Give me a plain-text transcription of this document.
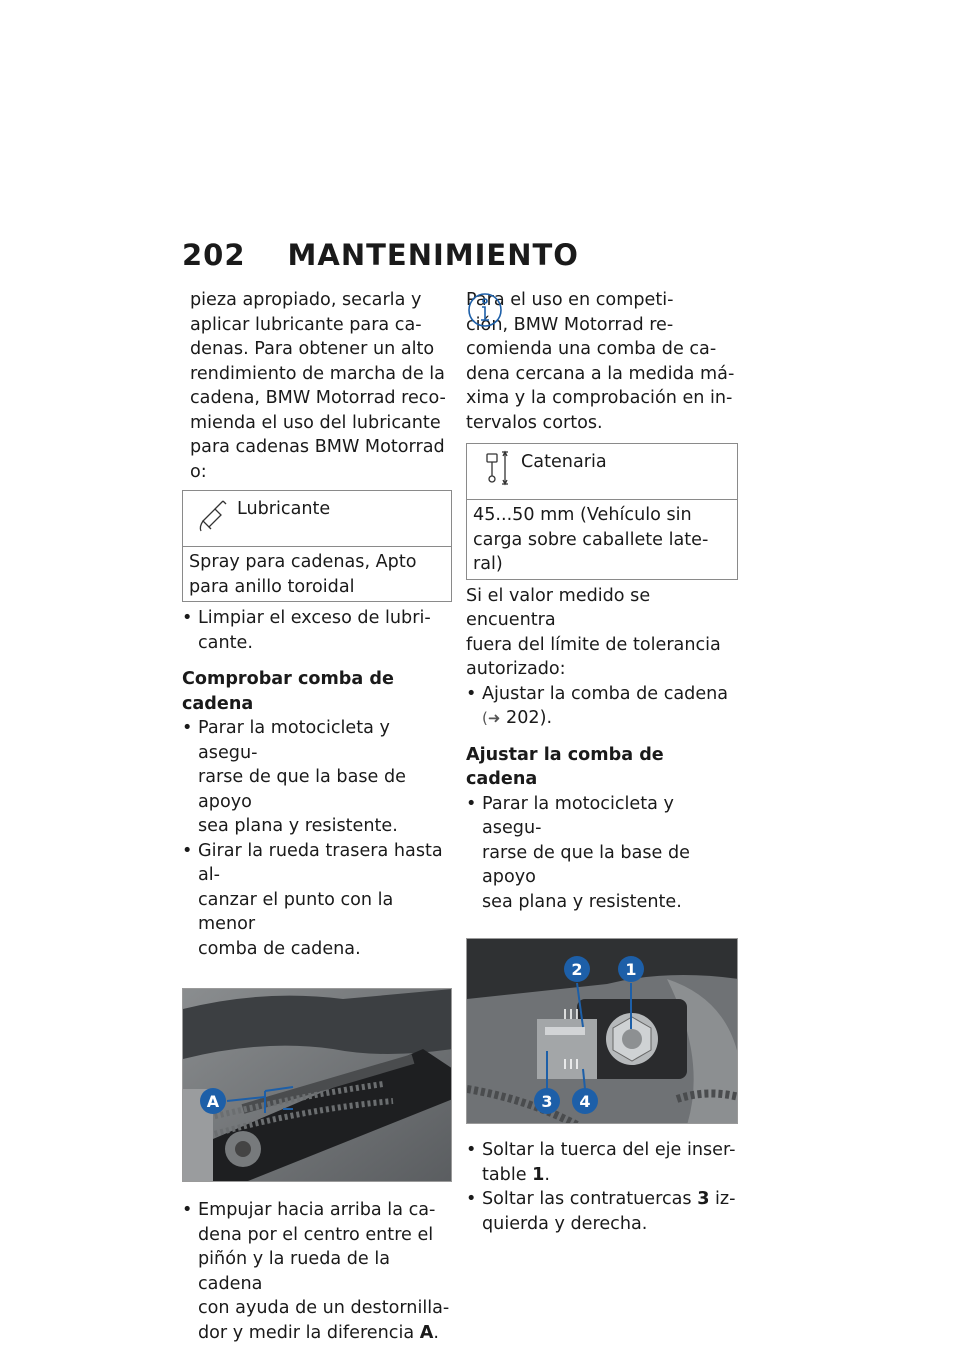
202 MANTENIMIENTO
pieza apropiado, secarla y
aplicar lubricante para ca-
denas. Para obtener un alto
rendimiento de marcha de la
cadena, BMW Motorrad reco-
mienda el uso del lubricante
para cadenas BMW Motorrad
o:
Lubricante
Spray para cadenas, Apto
para anillo toroidal
• Limpiar el exceso de lubri-
cante.
Comprobar comba de cadena
• Parar la motocicleta y asegu-
rarse de que la base de apoyo
sea plana y resistente.
• Girar la rueda trasera hasta al-
canzar el punto con la menor
comba de cadena.
A
• Empujar hacia arriba la ca-
dena por el centro entre el
piñón y la rueda de la cadena
con ayuda de un destornilla-
dor y medir la diferencia A.
Para el uso en competi-
ción, BMW Motorrad re-
comienda una comba de ca-
dena cercana a la medida má-
xima y la comprobación en in-
tervalos cortos.
Catenaria
45...50 mm (Vehículo sin
carga sobre caballete late-
ral)
Si el valor medido se encuentra
fuera del límite de tolerancia
autorizado:
• Ajustar la comba de cadena
(➜ 202).
Ajustar la comba de cadena
• Parar la motocicleta y asegu-
rarse de que la base de apoyo
sea plana y resistente.
2	1
3 4
• Soltar la tuerca del eje inser-
table 1.
• Soltar las contratuercas 3 iz-
quierda y derecha.
